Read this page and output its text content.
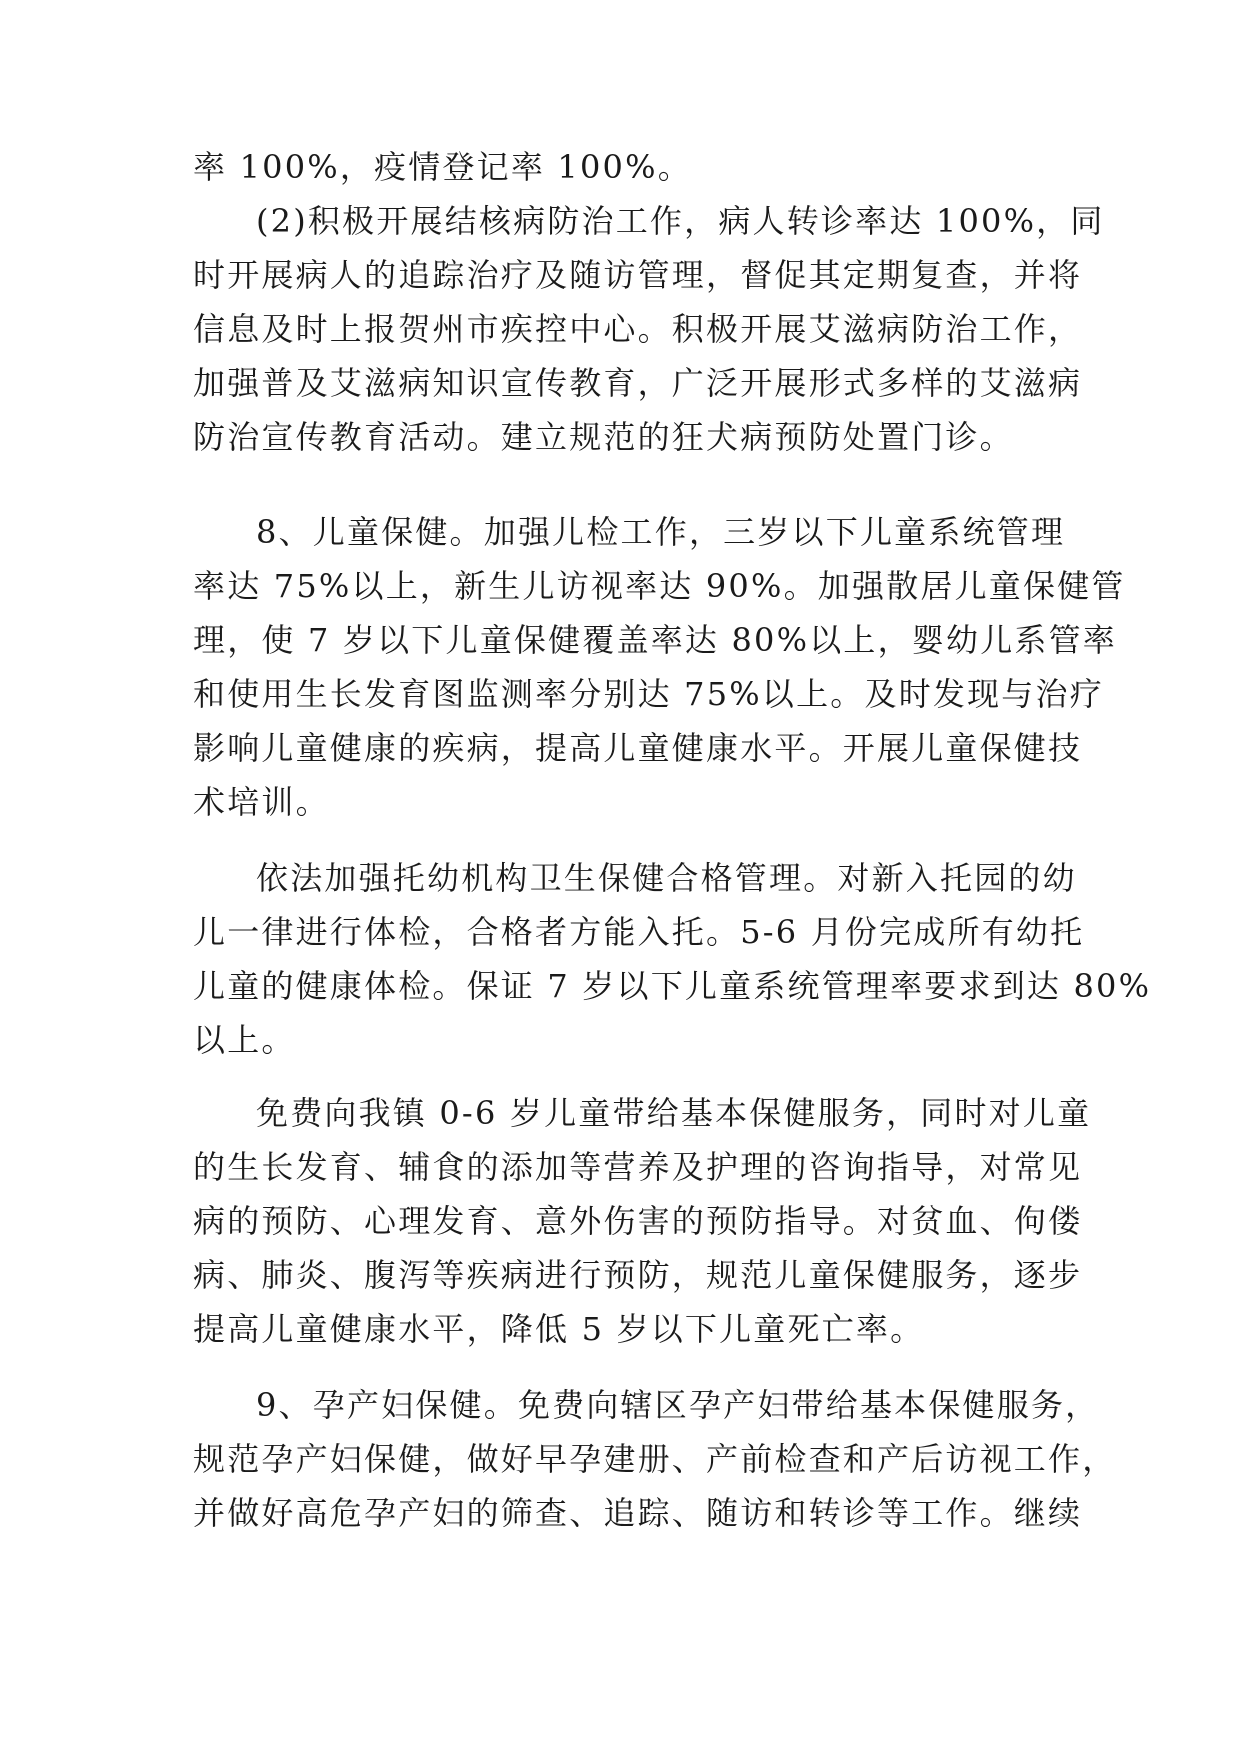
率 100%，疫情登记率 100%。
(2)积极开展结核病防治工作，病人转诊率达 100%，同
时开展病人的追踪治疗及随访管理，督促其定期复查，并将
信息及时上报贺州市疾控中心。积极开展艾滋病防治工作，
加强普及艾滋病知识宣传教育，广泛开展形式多样的艾滋病
防治宣传教育活动。建立规范的狂犬病预防处置门诊。
8、儿童保健。加强儿检工作，三岁以下儿童系统管理
率达 75%以上，新生儿访视率达 90%。加强散居儿童保健管
理，使 7 岁以下儿童保健覆盖率达 80%以上，婴幼儿系管率
和使用生长发育图监测率分别达 75%以上。及时发现与治疗
影响儿童健康的疾病，提高儿童健康水平。开展儿童保健技
术培训。
依法加强托幼机构卫生保健合格管理。对新入托园的幼
儿一律进行体检，合格者方能入托。5-6 月份完成所有幼托
儿童的健康体检。保证 7 岁以下儿童系统管理率要求到达 80%
以上。
免费向我镇 0-6 岁儿童带给基本保健服务，同时对儿童
的生长发育、辅食的添加等营养及护理的咨询指导，对常见
病的预防、心理发育、意外伤害的预防指导。对贫血、佝偻
病、肺炎、腹泻等疾病进行预防，规范儿童保健服务，逐步
提高儿童健康水平，降低 5 岁以下儿童死亡率。
9、孕产妇保健。免费向辖区孕产妇带给基本保健服务，
规范孕产妇保健，做好早孕建册、产前检查和产后访视工作，
并做好高危孕产妇的筛查、追踪、随访和转诊等工作。继续
